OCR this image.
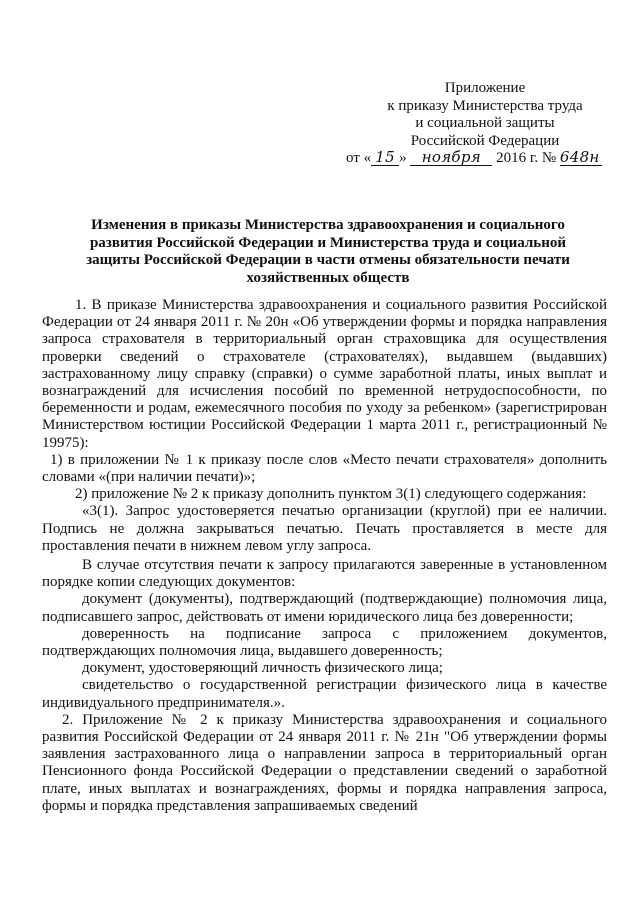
Приложение
к приказу Министерства труда
и социальной защиты
Российской Федерации
от « 15 » ноября 2016 г. № 648н
Изменения в приказы Министерства здравоохранения и социального развития Российской Федерации и Министерства труда и социальной защиты Российской Федерации в части отмены обязательности печати хозяйственных обществ

1. В приказе Министерства здравоохранения и социального развития Российской Федерации от 24 января 2011 г. № 20н «Об утверждении формы и порядка направления запроса страхователя в территориальный орган страховщика для осуществления проверки сведений о страхователе (страхователях), выдавшем (выдавших) застрахованному лицу справку (справки) о сумме заработной платы, иных выплат и вознаграждений для исчисления пособий по временной нетрудоспособности, по беременности и родам, ежемесячного пособия по уходу за ребенком» (зарегистрирован Министерством юстиции Российской Федерации 1 марта 2011 г., регистрационный № 19975):

1) в приложении № 1 к приказу после слов «Место печати страхователя» дополнить словами «(при наличии печати)»;

2) приложение № 2 к приказу дополнить пунктом 3(1) следующего содержания:

«3(1). Запрос удостоверяется печатью организации (круглой) при ее наличии. Подпись не должна закрываться печатью. Печать проставляется в месте для проставления печати в нижнем левом углу запроса.

В случае отсутствия печати к запросу прилагаются заверенные в установленном порядке копии следующих документов:

документ (документы), подтверждающий (подтверждающие) полномочия лица, подписавшего запрос, действовать от имени юридического лица без доверенности;

доверенность на подписание запроса с приложением документов, подтверждающих полномочия лица, выдавшего доверенность;

документ, удостоверяющий личность физического лица;

свидетельство о государственной регистрации физического лица в качестве индивидуального предпринимателя.».

2. Приложение № 2 к приказу Министерства здравоохранения и социального развития Российской Федерации от 24 января 2011 г. № 21н "Об утверждении формы заявления застрахованного лица о направлении запроса в территориальный орган Пенсионного фонда Российской Федерации о представлении сведений о заработной плате, иных выплатах и вознаграждениях, формы и порядка направления запроса, формы и порядка представления запрашиваемых сведений
